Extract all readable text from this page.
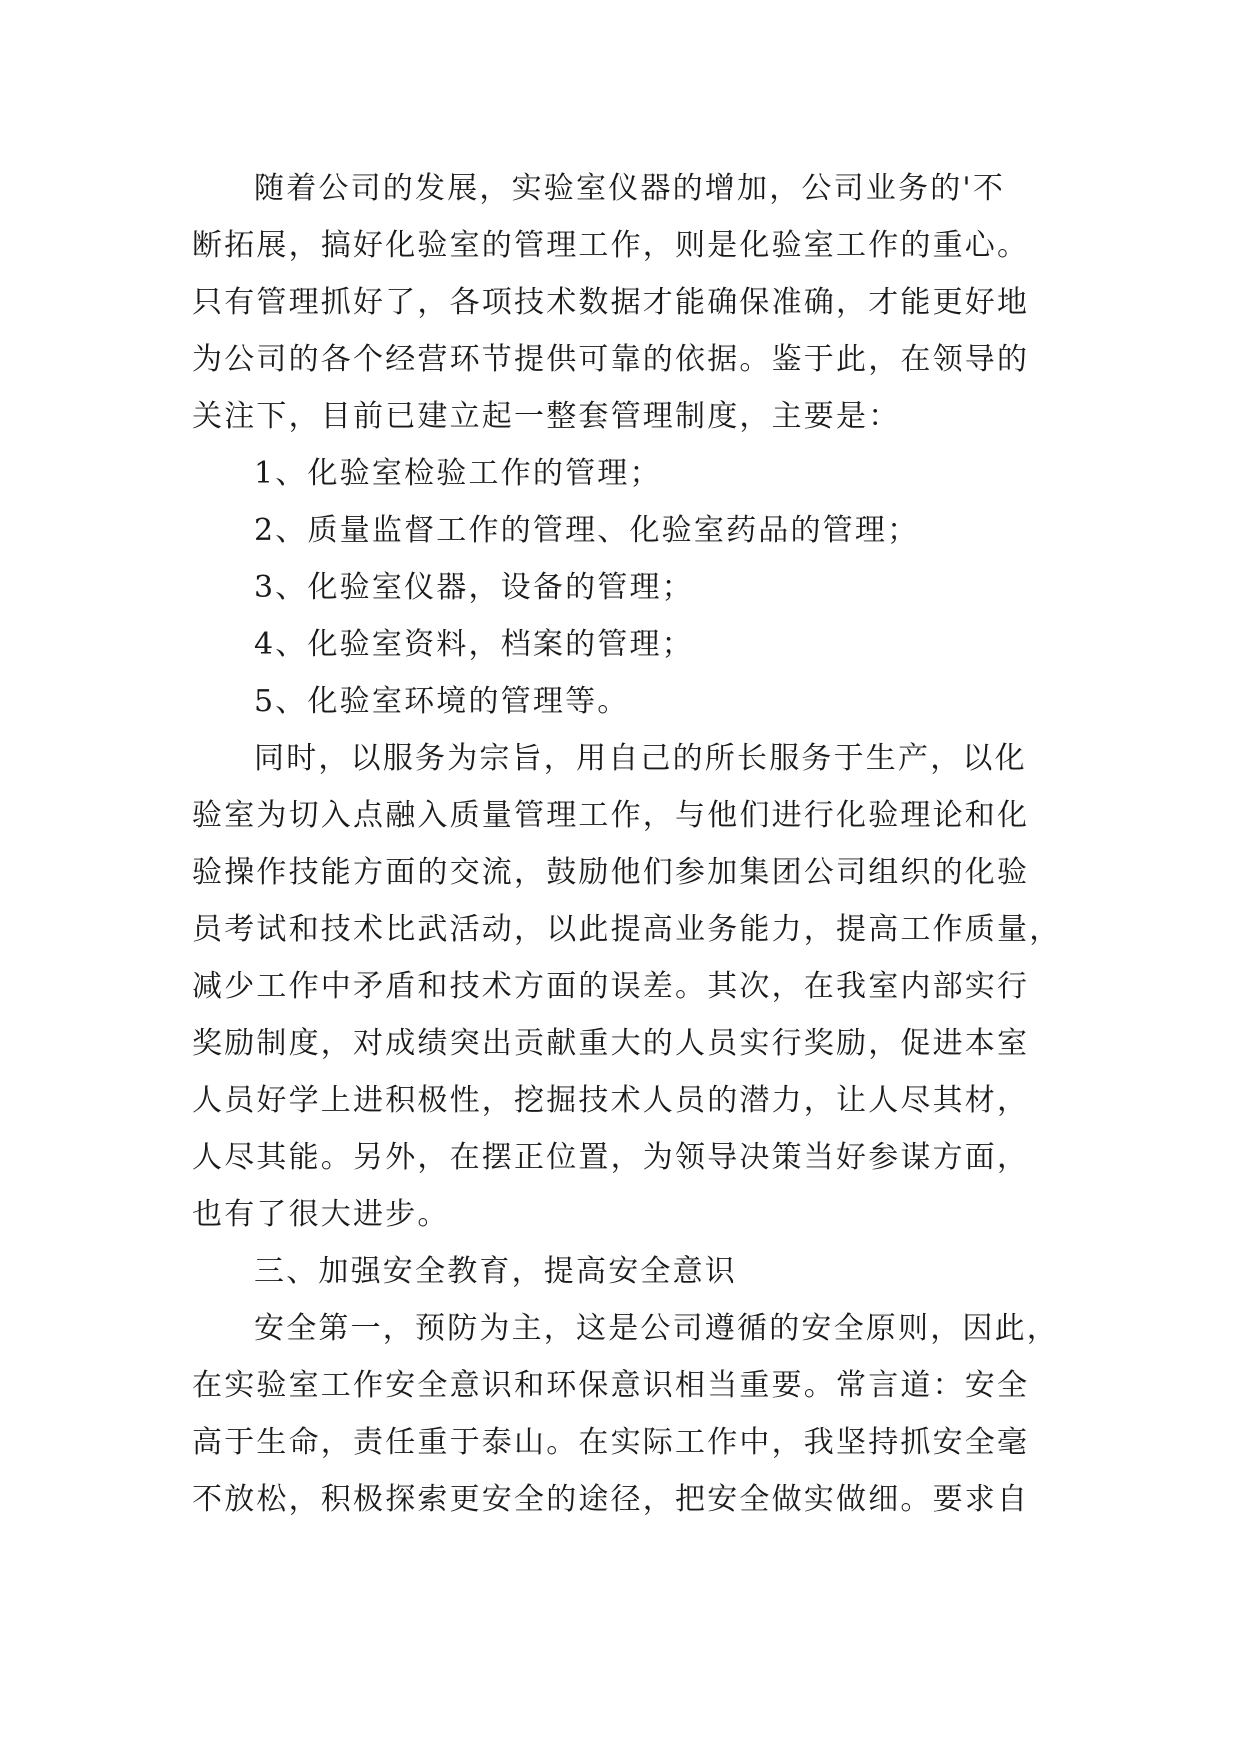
随着公司的发展，实验室仪器的增加，公司业务的'不
断拓展，搞好化验室的管理工作，则是化验室工作的重心。
只有管理抓好了，各项技术数据才能确保准确，才能更好地
为公司的各个经营环节提供可靠的依据。鉴于此，在领导的
关注下，目前已建立起一整套管理制度，主要是：
1、化验室检验工作的管理；
2、质量监督工作的管理、化验室药品的管理；
3、化验室仪器，设备的管理；
4、化验室资料，档案的管理；
5、化验室环境的管理等。
同时，以服务为宗旨，用自己的所长服务于生产，以化
验室为切入点融入质量管理工作，与他们进行化验理论和化
验操作技能方面的交流，鼓励他们参加集团公司组织的化验
员考试和技术比武活动，以此提高业务能力，提高工作质量，
减少工作中矛盾和技术方面的误差。其次，在我室内部实行
奖励制度，对成绩突出贡献重大的人员实行奖励，促进本室
人员好学上进积极性，挖掘技术人员的潜力，让人尽其材，
人尽其能。另外，在摆正位置，为领导决策当好参谋方面，
也有了很大进步。
三、加强安全教育，提高安全意识
安全第一，预防为主，这是公司遵循的安全原则，因此，
在实验室工作安全意识和环保意识相当重要。常言道：安全
高于生命，责任重于泰山。在实际工作中，我坚持抓安全毫
不放松，积极探索更安全的途径，把安全做实做细。要求自
